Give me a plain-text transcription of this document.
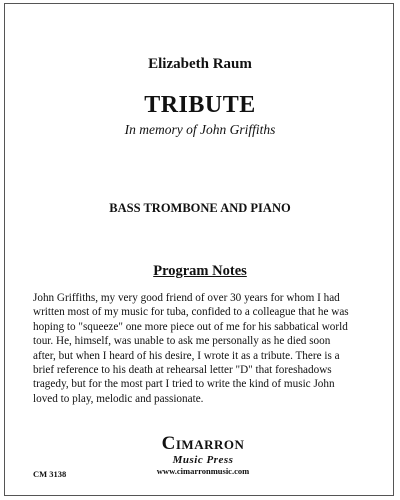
Elizabeth Raum
TRIBUTE
In memory of John Griffiths
BASS TROMBONE AND PIANO
Program Notes
John Griffiths, my very good friend of over 30 years for whom I had
written most of my music for tuba, confided to a colleague that he was
hoping to "squeeze" one more piece out of me for his sabbatical world
tour. He, himself, was unable to ask me personally as he died soon
after, but when I heard of his desire, I wrote it as a tribute. There is a
brief reference to his death at rehearsal letter "D" that foreshadows
tragedy, but for the most part I tried to write the kind of music John
loved to play, melodic and passionate.
Cimarron
Music Press
www.cimarronmusic.com
CM 3138
